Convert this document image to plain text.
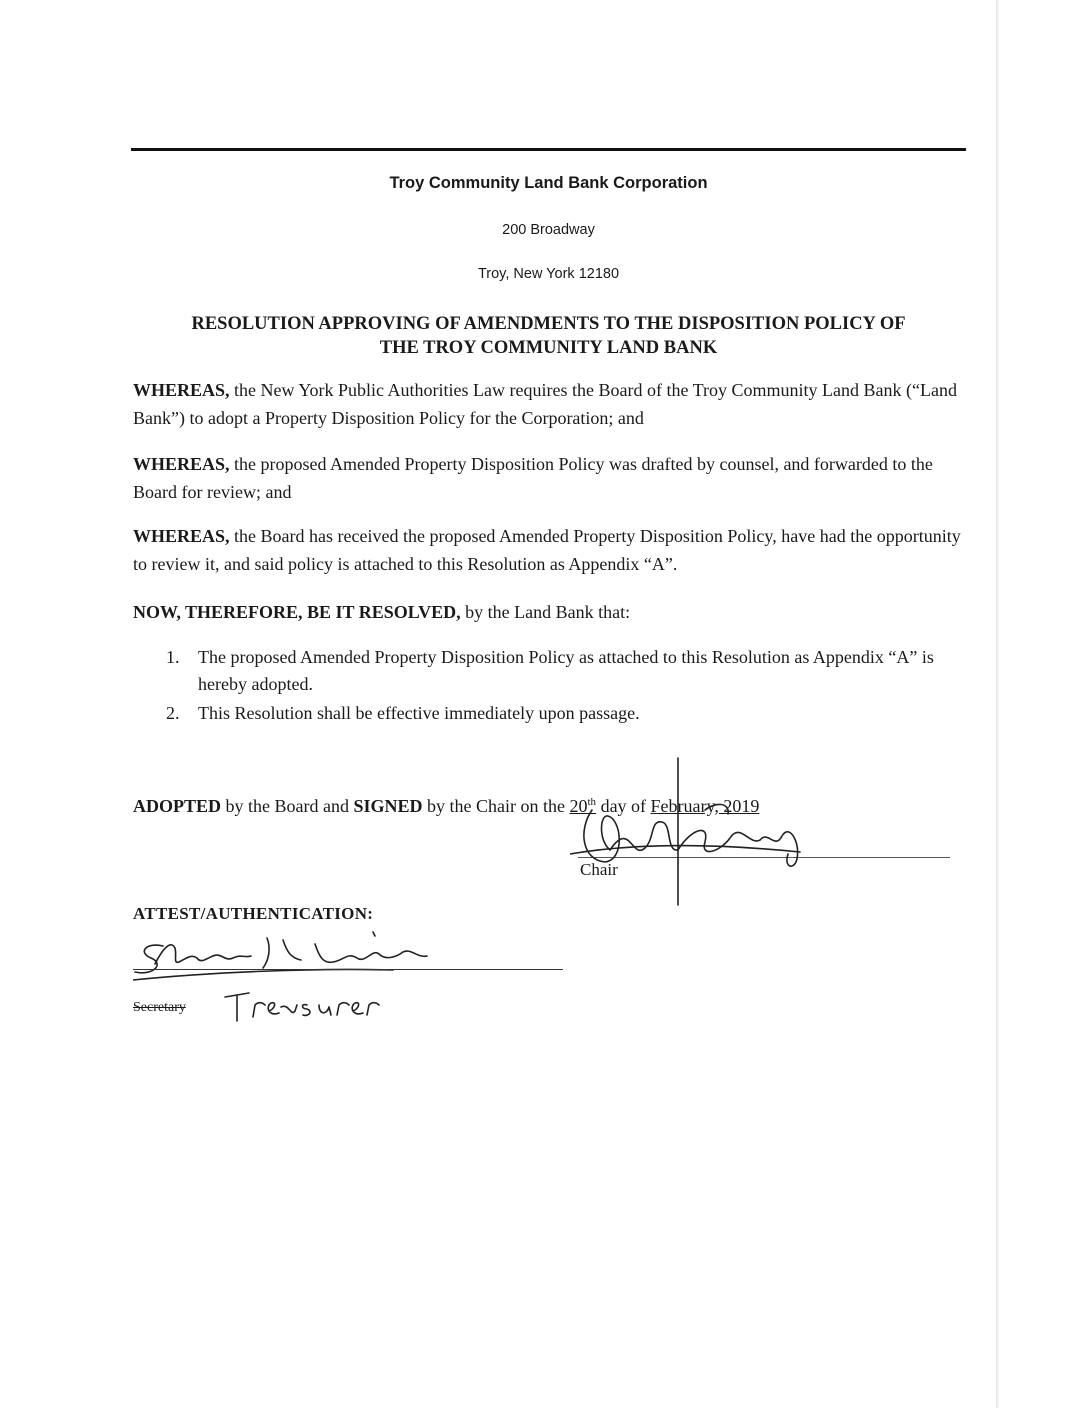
Troy Community Land Bank Corporation
200 Broadway
Troy, New York 12180
RESOLUTION APPROVING OF AMENDMENTS TO THE DISPOSITION POLICY OF
THE TROY COMMUNITY LAND BANK
WHEREAS, the New York Public Authorities Law requires the Board of the Troy Community Land Bank (“Land Bank”) to adopt a Property Disposition Policy for the Corporation; and
WHEREAS, the proposed Amended Property Disposition Policy was drafted by counsel, and forwarded to the Board for review; and
WHEREAS, the Board has received the proposed Amended Property Disposition Policy, have had the opportunity to review it, and said policy is attached to this Resolution as Appendix “A”.
NOW, THEREFORE, BE IT RESOLVED, by the Land Bank that:
1.	The proposed Amended Property Disposition Policy as attached to this Resolution as Appendix “A” is hereby adopted.
2.	This Resolution shall be effective immediately upon passage.
ADOPTED by the Board and SIGNED by the Chair on the 20th day of February, 2019
Chair
ATTEST/AUTHENTICATION:
Secretary
